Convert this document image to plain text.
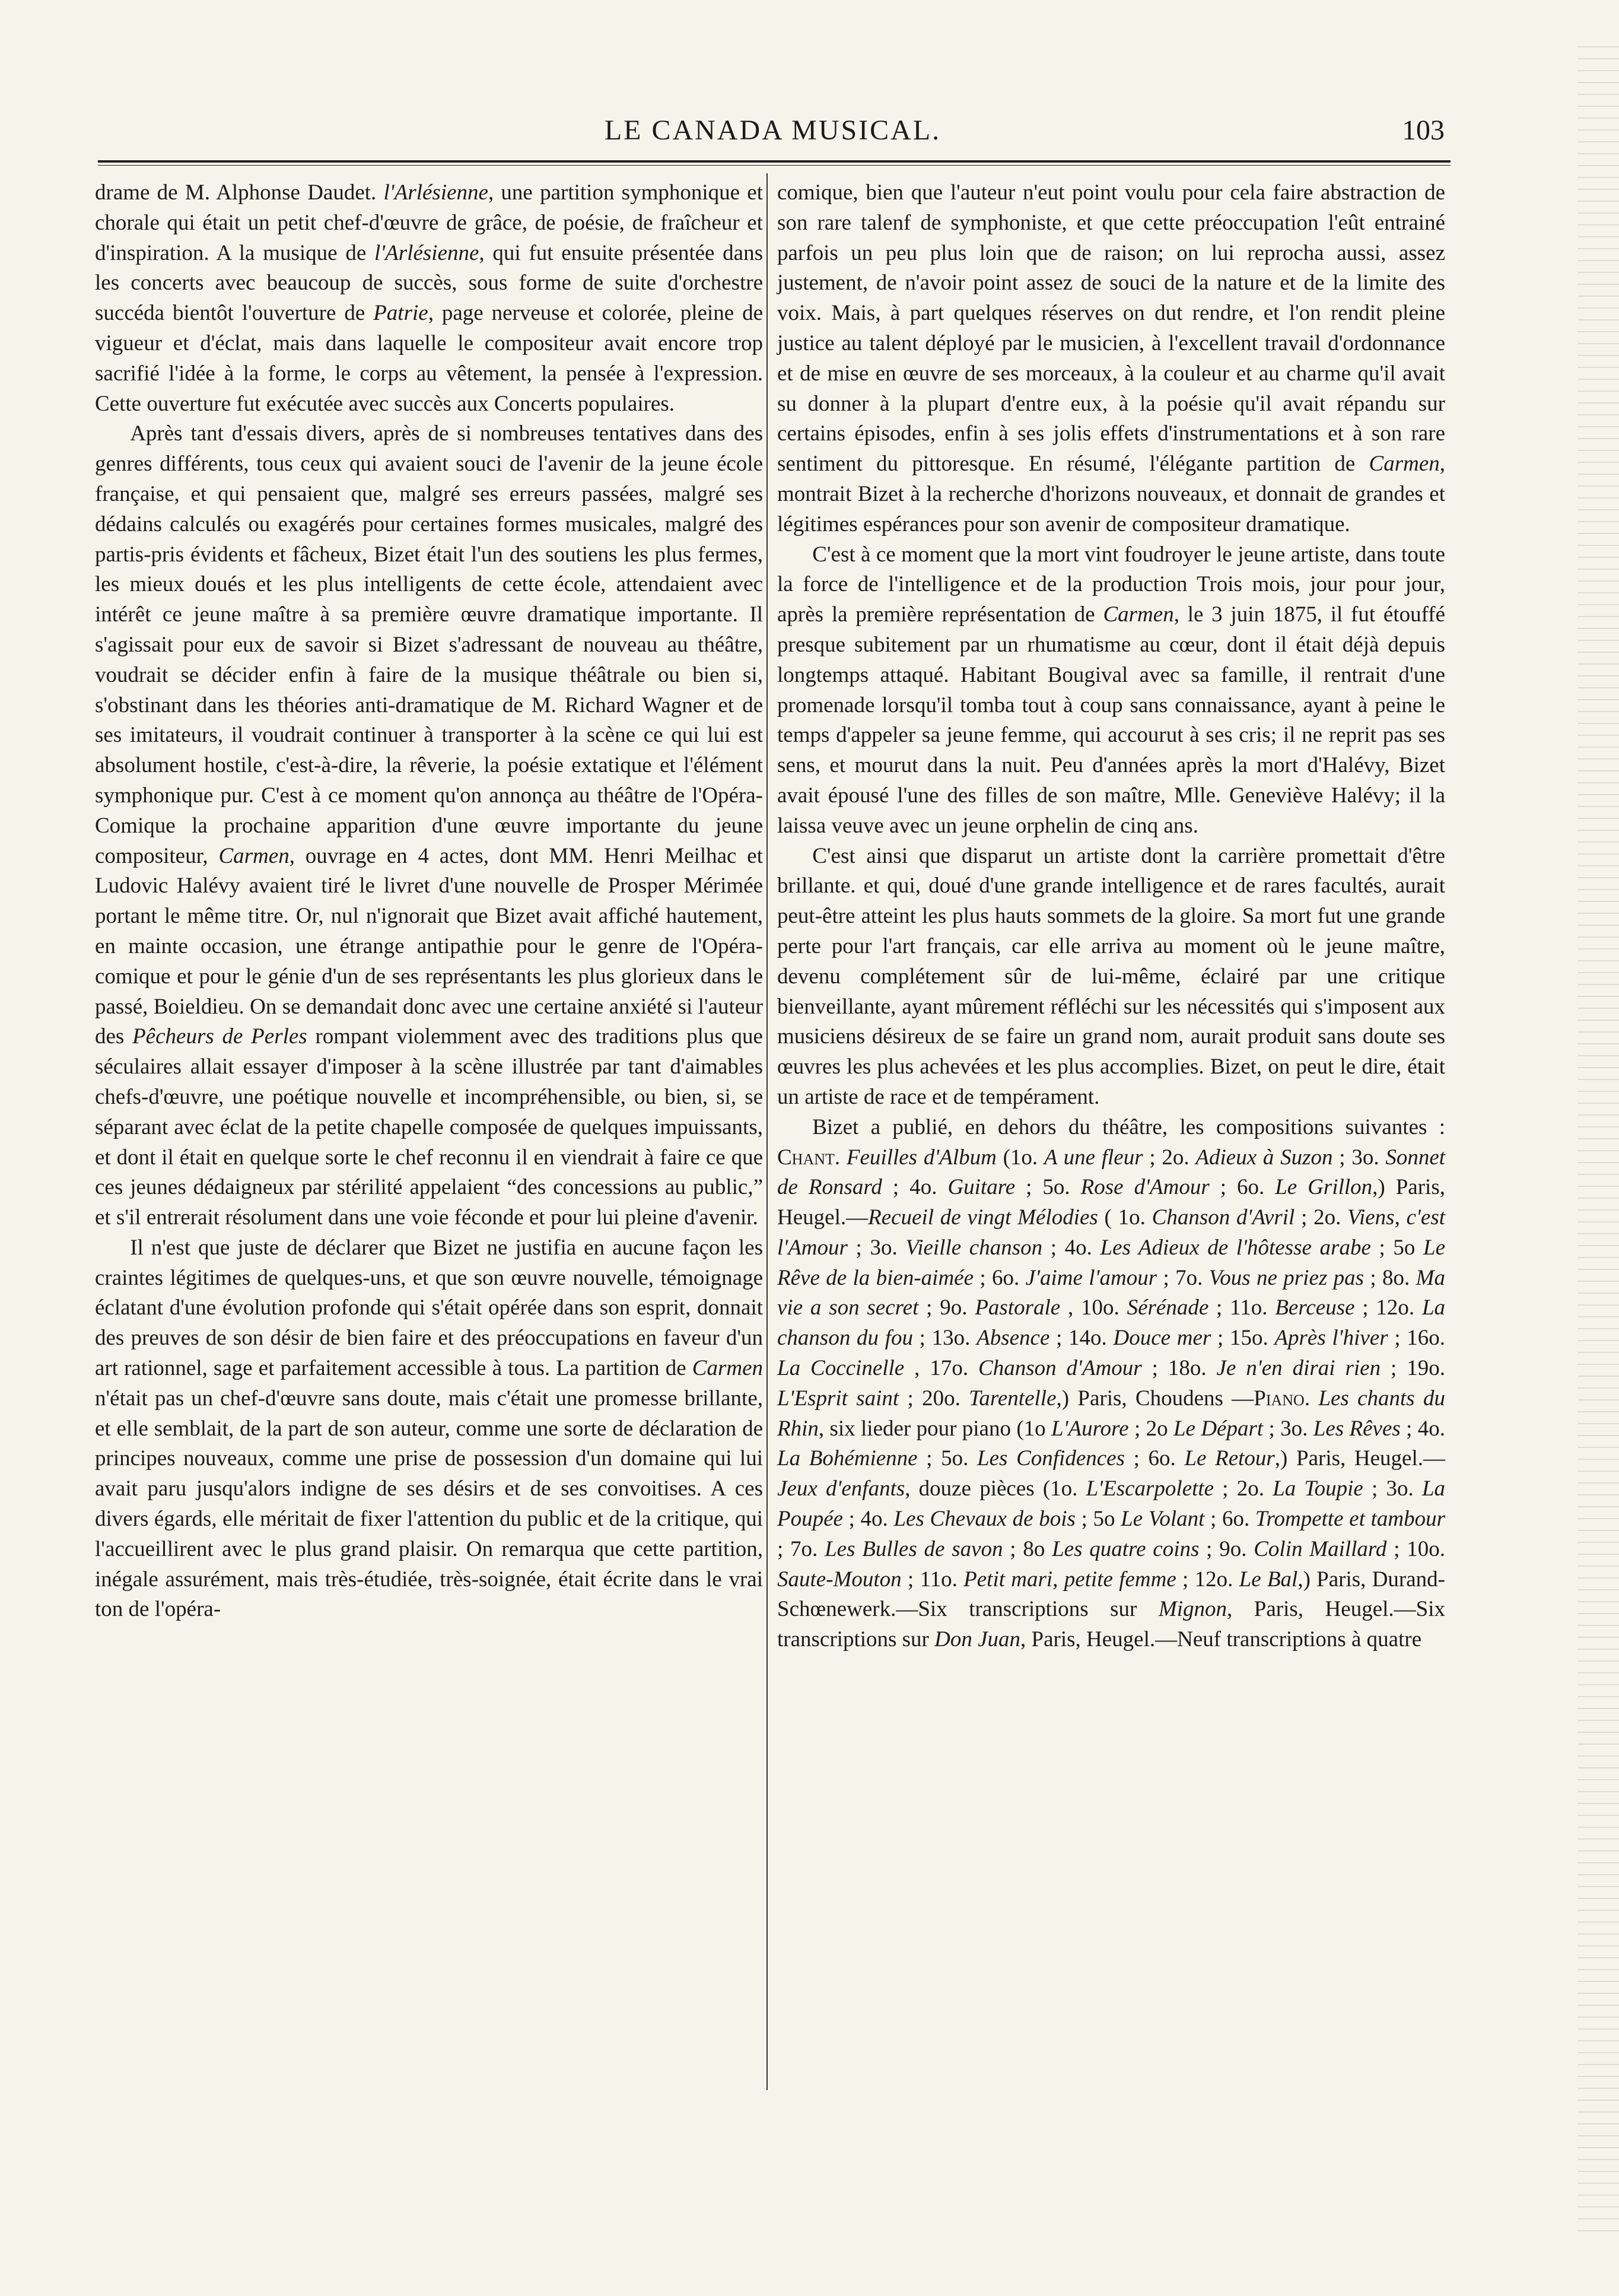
LE CANADA MUSICAL.	103

drame de M. Alphonse Daudet. l'Arlésienne, une partition symphonique et chorale qui était un petit chef-d'œuvre de grâce, de poésie, de fraîcheur et d'inspiration. A la musique de l'Arlésienne, qui fut ensuite présentée dans les concerts avec beaucoup de succès, sous forme de suite d'orchestre succéda bientôt l'ouverture de Patrie, page nerveuse et colorée, pleine de vigueur et d'éclat, mais dans laquelle le compositeur avait encore trop sacrifié l'idée à la forme, le corps au vêtement, la pensée à l'expression. Cette ouverture fut exécutée avec succès aux Concerts populaires.

Après tant d'essais divers, après de si nombreuses tentatives dans des genres différents, tous ceux qui avaient souci de l'avenir de la jeune école française, et qui pensaient que, malgré ses erreurs passées, malgré ses dédains calculés ou exagérés pour certaines formes musicales, malgré des partis-pris évidents et fâcheux, Bizet était l'un des soutiens les plus fermes, les mieux doués et les plus intelligents de cette école, attendaient avec intérêt ce jeune maître à sa première œuvre dramatique importante. Il s'agissait pour eux de savoir si Bizet s'adressant de nouveau au théâtre, voudrait se décider enfin à faire de la musique théâtrale ou bien si, s'obstinant dans les théories anti-dramatique de M. Richard Wagner et de ses imitateurs, il voudrait continuer à transporter à la scène ce qui lui est absolument hostile, c'est-à-dire, la rêverie, la poésie extatique et l'élément symphonique pur. C'est à ce moment qu'on annonça au théâtre de l'Opéra-Comique la prochaine apparition d'une œuvre importante du jeune compositeur, Carmen, ouvrage en 4 actes, dont MM. Henri Meilhac et Ludovic Halévy avaient tiré le livret d'une nouvelle de Prosper Mérimée portant le même titre. Or, nul n'ignorait que Bizet avait affiché hautement, en mainte occasion, une étrange antipathie pour le genre de l'Opéra-comique et pour le génie d'un de ses représentants les plus glorieux dans le passé, Boieldieu. On se demandait donc avec une certaine anxiété si l'auteur des Pêcheurs de Perles rompant violemment avec des traditions plus que séculaires allait essayer d'imposer à la scène illustrée par tant d'aimables chefs-d'œuvre, une poétique nouvelle et incompréhensible, ou bien, si, se séparant avec éclat de la petite chapelle composée de quelques impuissants, et dont il était en quelque sorte le chef reconnu il en viendrait à faire ce que ces jeunes dédaigneux par stérilité appelaient “des concessions au public,” et s'il entrerait résolument dans une voie féconde et pour lui pleine d'avenir.

Il n'est que juste de déclarer que Bizet ne justifia en aucune façon les craintes légitimes de quelques-uns, et que son œuvre nouvelle, témoignage éclatant d'une évolution profonde qui s'était opérée dans son esprit, donnait des preuves de son désir de bien faire et des préoccupations en faveur d'un art rationnel, sage et parfaitement accessible à tous. La partition de Carmen n'était pas un chef-d'œuvre sans doute, mais c'était une promesse brillante, et elle semblait, de la part de son auteur, comme une sorte de déclaration de principes nouveaux, comme une prise de possession d'un domaine qui lui avait paru jusqu'alors indigne de ses désirs et de ses convoitises. A ces divers égards, elle méritait de fixer l'attention du public et de la critique, qui l'accueillirent avec le plus grand plaisir. On remarqua que cette partition, inégale assurément, mais très-étudiée, très-soignée, était écrite dans le vrai ton de l'opéra-

comique, bien que l'auteur n'eut point voulu pour cela faire abstraction de son rare talenf de symphoniste, et que cette préoccupation l'eût entrainé parfois un peu plus loin que de raison; on lui reprocha aussi, assez justement, de n'avoir point assez de souci de la nature et de la limite des voix. Mais, à part quelques réserves on dut rendre, et l'on rendit pleine justice au talent déployé par le musicien, à l'excellent travail d'ordonnance et de mise en œuvre de ses morceaux, à la couleur et au charme qu'il avait su donner à la plupart d'entre eux, à la poésie qu'il avait répandu sur certains épisodes, enfin à ses jolis effets d'instrumentations et à son rare sentiment du pittoresque. En résumé, l'élégante partition de Carmen, montrait Bizet à la recherche d'horizons nouveaux, et donnait de grandes et légitimes espérances pour son avenir de compositeur dramatique.

C'est à ce moment que la mort vint foudroyer le jeune artiste, dans toute la force de l'intelligence et de la production Trois mois, jour pour jour, après la première représentation de Carmen, le 3 juin 1875, il fut étouffé presque subitement par un rhumatisme au cœur, dont il était déjà depuis longtemps attaqué. Habitant Bougival avec sa famille, il rentrait d'une promenade lorsqu'il tomba tout à coup sans connaissance, ayant à peine le temps d'appeler sa jeune femme, qui accourut à ses cris; il ne reprit pas ses sens, et mourut dans la nuit. Peu d'années après la mort d'Halévy, Bizet avait épousé l'une des filles de son maître, Mlle. Geneviève Halévy; il la laissa veuve avec un jeune orphelin de cinq ans.

C'est ainsi que disparut un artiste dont la carrière promettait d'être brillante. et qui, doué d'une grande intelligence et de rares facultés, aurait peut-être atteint les plus hauts sommets de la gloire. Sa mort fut une grande perte pour l'art français, car elle arriva au moment où le jeune maître, devenu complétement sûr de lui-même, éclairé par une critique bienveillante, ayant mûrement réfléchi sur les nécessités qui s'imposent aux musiciens désireux de se faire un grand nom, aurait produit sans doute ses œuvres les plus achevées et les plus accomplies. Bizet, on peut le dire, était un artiste de race et de tempérament.

Bizet a publié, en dehors du théâtre, les compositions suivantes : Chant. Feuilles d'Album (1o. A une fleur ; 2o. Adieux à Suzon ; 3o. Sonnet de Ronsard ; 4o. Guitare ; 5o. Rose d'Amour ; 6o. Le Grillon,) Paris, Heugel.—Recueil de vingt Mélodies ( 1o. Chanson d'Avril ; 2o. Viens, c'est l'Amour ; 3o. Vieille chanson ; 4o. Les Adieux de l'hôtesse arabe ; 5o Le Rêve de la bien-aimée ; 6o. J'aime l'amour ; 7o. Vous ne priez pas ; 8o. Ma vie a son secret ; 9o. Pastorale , 10o. Sérénade ; 11o. Berceuse ; 12o. La chanson du fou ; 13o. Absence ; 14o. Douce mer ; 15o. Après l'hiver ; 16o. La Coccinelle , 17o. Chanson d'Amour ; 18o. Je n'en dirai rien ; 19o. L'Esprit saint ; 20o. Tarentelle,) Paris, Choudens —Piano. Les chants du Rhin, six lieder pour piano (1o L'Aurore ; 2o Le Départ ; 3o. Les Rêves ; 4o. La Bohémienne ; 5o. Les Confidences ; 6o. Le Retour,) Paris, Heugel.—Jeux d'enfants, douze pièces (1o. L'Escarpolette ; 2o. La Toupie ; 3o. La Poupée ; 4o. Les Chevaux de bois ; 5o Le Volant ; 6o. Trompette et tambour ; 7o. Les Bulles de savon ; 8o Les quatre coins ; 9o. Colin Maillard ; 10o. Saute-Mouton ; 11o. Petit mari, petite femme ; 12o. Le Bal,) Paris, Durand-Schœnewerk.—Six transcriptions sur Mignon, Paris, Heugel.—Six transcriptions sur Don Juan, Paris, Heugel.—Neuf transcriptions à quatre
